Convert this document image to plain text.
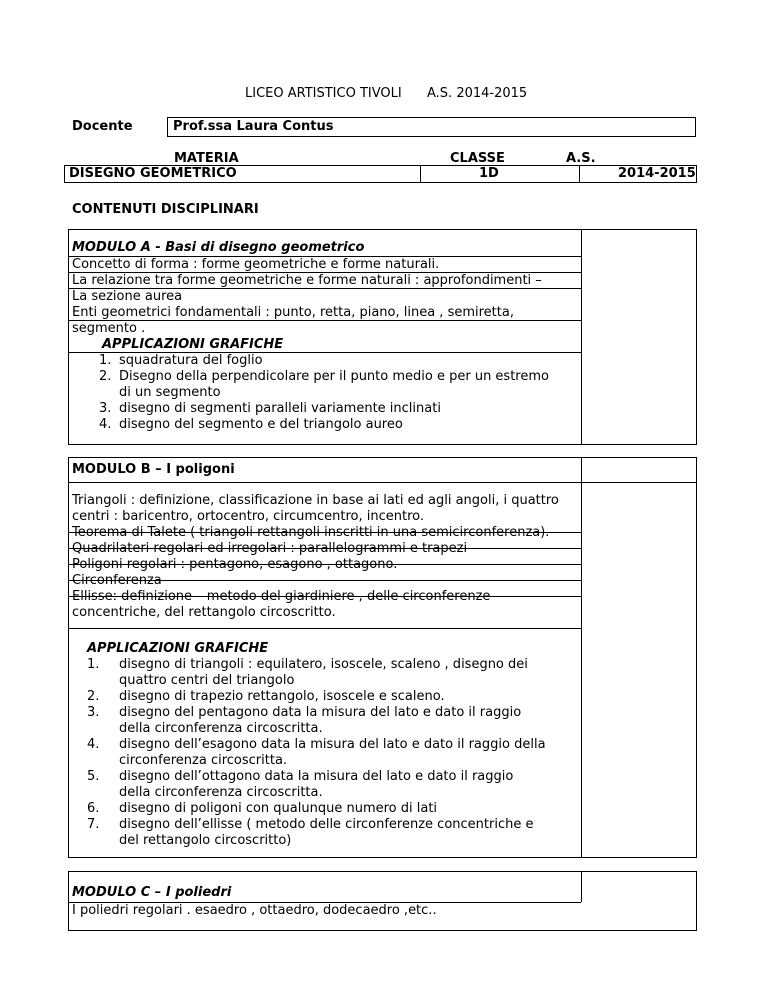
LICEO ARTISTICO TIVOLI A.S. 2014-2015
Docente	Prof.ssa Laura Contus
MATERIA	CLASSE	A.S.
DISEGNO GEOMETRICO	1D	2014-2015
CONTENUTI DISCIPLINARI
MODULO A - Basi di disegno geometrico
Concetto di forma : forme geometriche e forme naturali.
La relazione tra forme geometriche e forme naturali : approfondimenti –
La sezione aurea
Enti geometrici fondamentali : punto, retta, piano, linea , semiretta,
segmento .
APPLICAZIONI GRAFICHE
1. squadratura del foglio
2. Disegno della perpendicolare per il punto medio e per un estremo
di un segmento
3. disegno di segmenti paralleli variamente inclinati
4. disegno del segmento e del triangolo aureo
MODULO B – I poligoni
Triangoli : definizione, classificazione in base ai lati ed agli angoli, i quattro
centri : baricentro, ortocentro, circumcentro, incentro.
Teorema di Talete ( triangoli rettangoli inscritti in una semicirconferenza).
Quadrilateri regolari ed irregolari : parallelogrammi e trapezi
Poligoni regolari : pentagono, esagono , ottagono.
Circonferenza
Ellisse: definizione – metodo del giardiniere , delle circonferenze
concentriche, del rettangolo circoscritto.
APPLICAZIONI GRAFICHE
1. disegno di triangoli : equilatero, isoscele, scaleno , disegno dei
quattro centri del triangolo
2. disegno di trapezio rettangolo, isoscele e scaleno.
3. disegno del pentagono data la misura del lato e dato il raggio
della circonferenza circoscritta.
4. disegno dell’esagono data la misura del lato e dato il raggio della
circonferenza circoscritta.
5. disegno dell’ottagono data la misura del lato e dato il raggio
della circonferenza circoscritta.
6. disegno di poligoni con qualunque numero di lati
7. disegno dell’ellisse ( metodo delle circonferenze concentriche e
del rettangolo circoscritto)
MODULO C – I poliedri
I poliedri regolari . esaedro , ottaedro, dodecaedro ,etc..
